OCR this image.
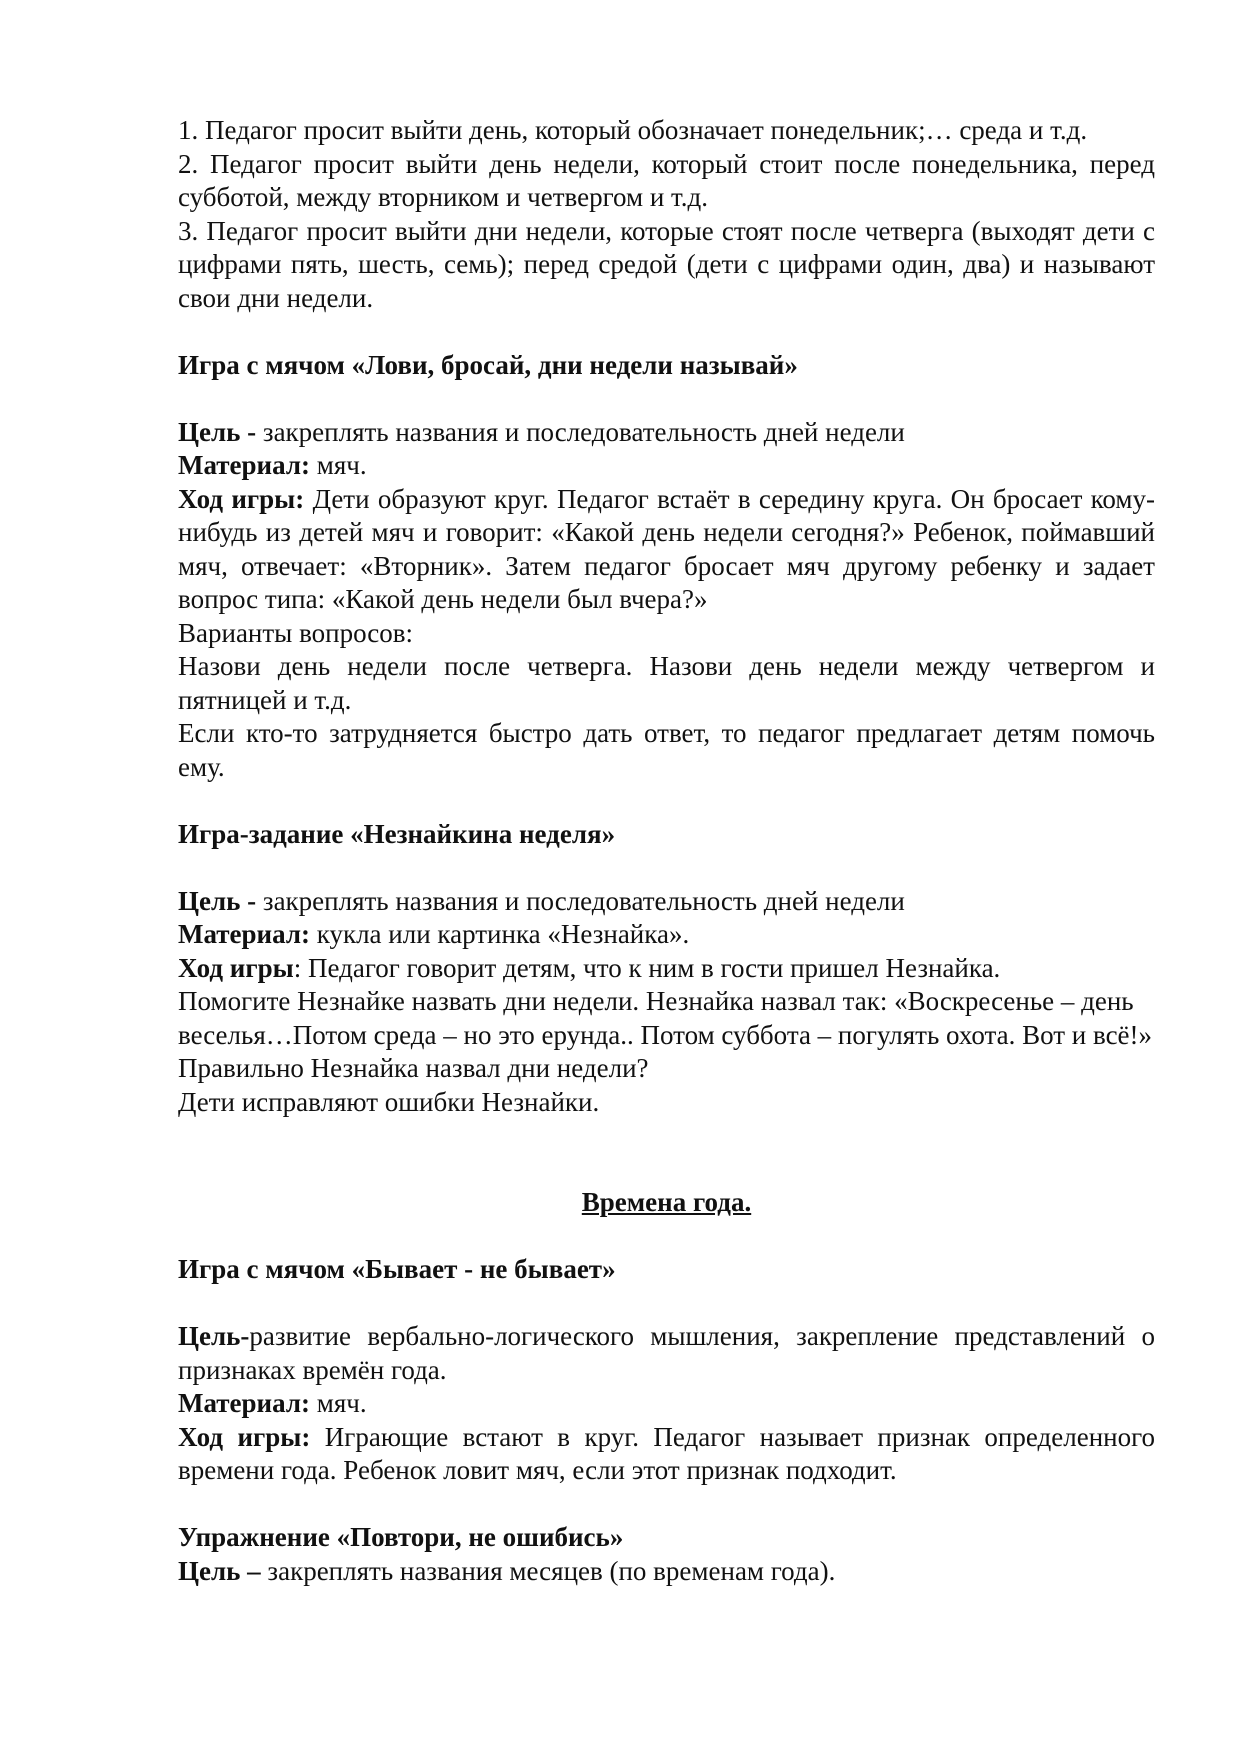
1. Педагог просит выйти день, который обозначает понедельник;… среда и т.д.

2. Педагог просит выйти день недели, который стоит после понедельника, перед субботой, между вторником и четвергом и т.д.

3. Педагог просит выйти дни недели, которые стоят после четверга (выходят дети с цифрами пять, шесть, семь); перед средой (дети с цифрами один, два) и называют свои дни недели.

Игра с мячом «Лови, бросай, дни недели называй»

Цель - закреплять названия и последовательность дней недели

Материал: мяч.

Ход игры: Дети образуют круг. Педагог встаёт в середину круга. Он бросает кому-нибудь из детей мяч и говорит: «Какой день недели сегодня?» Ребенок, поймавший мяч, отвечает: «Вторник». Затем педагог бросает мяч другому ребенку и задает вопрос типа: «Какой день недели был вчера?»

Варианты вопросов:

Назови день недели после четверга. Назови день недели между четвергом и пятницей и т.д.

Если кто-то затрудняется быстро дать ответ, то педагог предлагает детям помочь ему.

Игра-задание «Незнайкина неделя»

Цель - закреплять названия и последовательность дней недели

Материал: кукла или картинка «Незнайка».

Ход игры: Педагог говорит детям, что к ним в гости пришел Незнайка.

Помогите Незнайке назвать дни недели. Незнайка назвал так: «Воскресенье – день веселья…Потом среда – но это ерунда.. Потом суббота – погулять охота. Вот и всё!» Правильно Незнайка назвал дни недели?

Дети исправляют ошибки Незнайки.

Времена года.

Игра с мячом «Бывает - не бывает»

Цель-развитие вербально-логического мышления, закрепление представлений о признаках времён года.

Материал: мяч.

Ход игры: Играющие встают в круг. Педагог называет признак определенного времени года. Ребенок ловит мяч, если этот признак подходит.

Упражнение «Повтори, не ошибись»

Цель – закреплять названия месяцев (по временам года).
